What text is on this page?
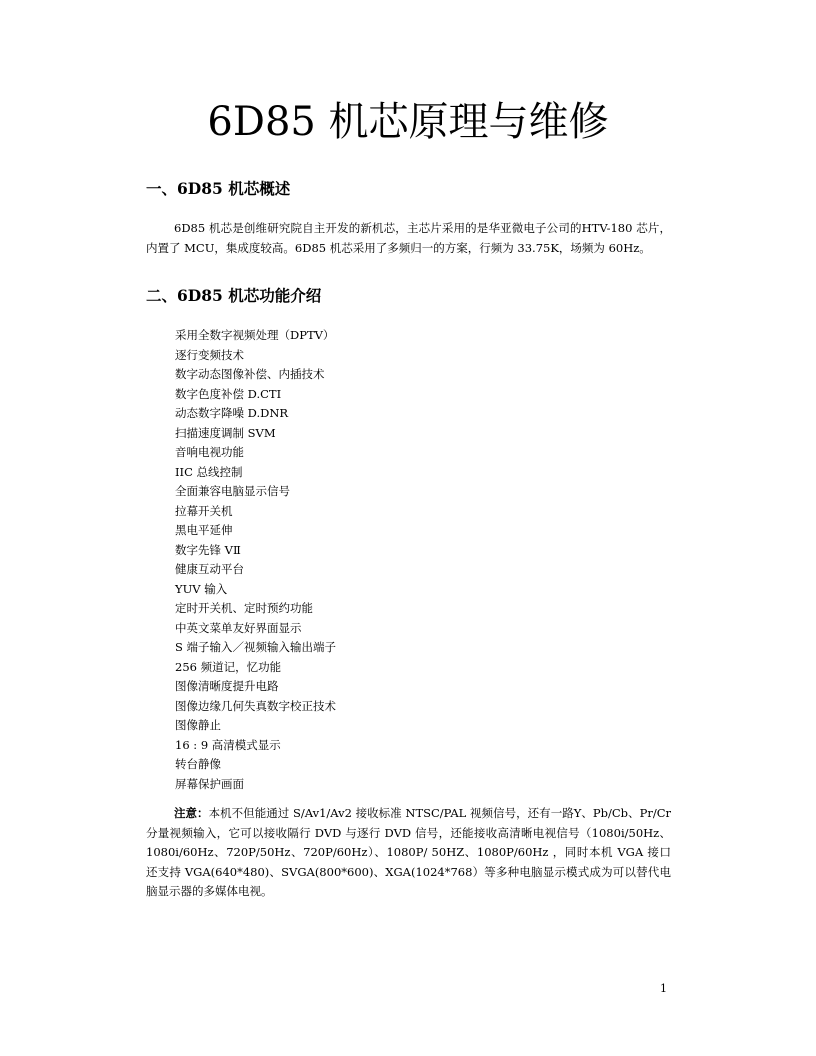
6D85 机芯原理与维修
一、6D85 机芯概述

6D85 机芯是创维研究院自主开发的新机芯，主芯片采用的是华亚微电子公司的HTV-180 芯片，内置了 MCU，集成度较高。6D85 机芯采用了多频归一的方案，行频为 33.75K，场频为 60Hz。

二、6D85 机芯功能介绍
采用全数字视频处理（DPTV）
逐行变频技术
数字动态图像补偿、内插技术
数字色度补偿 D.CTI
动态数字降噪 D.DNR
扫描速度调制 SVM
音响电视功能
IIC 总线控制
全面兼容电脑显示信号
拉幕开关机
黑电平延伸
数字先锋 VⅡ
健康互动平台
YUV 输入
定时开关机、定时预约功能
中英文菜单友好界面显示
S 端子输入／视频输入输出端子
256 频道记，忆功能
图像清晰度提升电路
图像边缘几何失真数字校正技术
图像静止
16 : 9 高清模式显示
转台静像
屏幕保护画面

注意：本机不但能通过 S/Av1/Av2 接收标准 NTSC/PAL 视频信号，还有一路Y、Pb/Cb、Pr/Cr 分量视频输入，它可以接收隔行 DVD 与逐行 DVD 信号，还能接收高清晰电视信号（1080i/50Hz、1080i/60Hz、720P/50Hz、720P/60Hz）、1080P/ 50HZ、1080P/60Hz ，同时本机 VGA 接口还支持 VGA(640*480)、SVGA(800*600)、XGA(1024*768）等多种电脑显示模式成为可以替代电脑显示器的多媒体电视。

1
